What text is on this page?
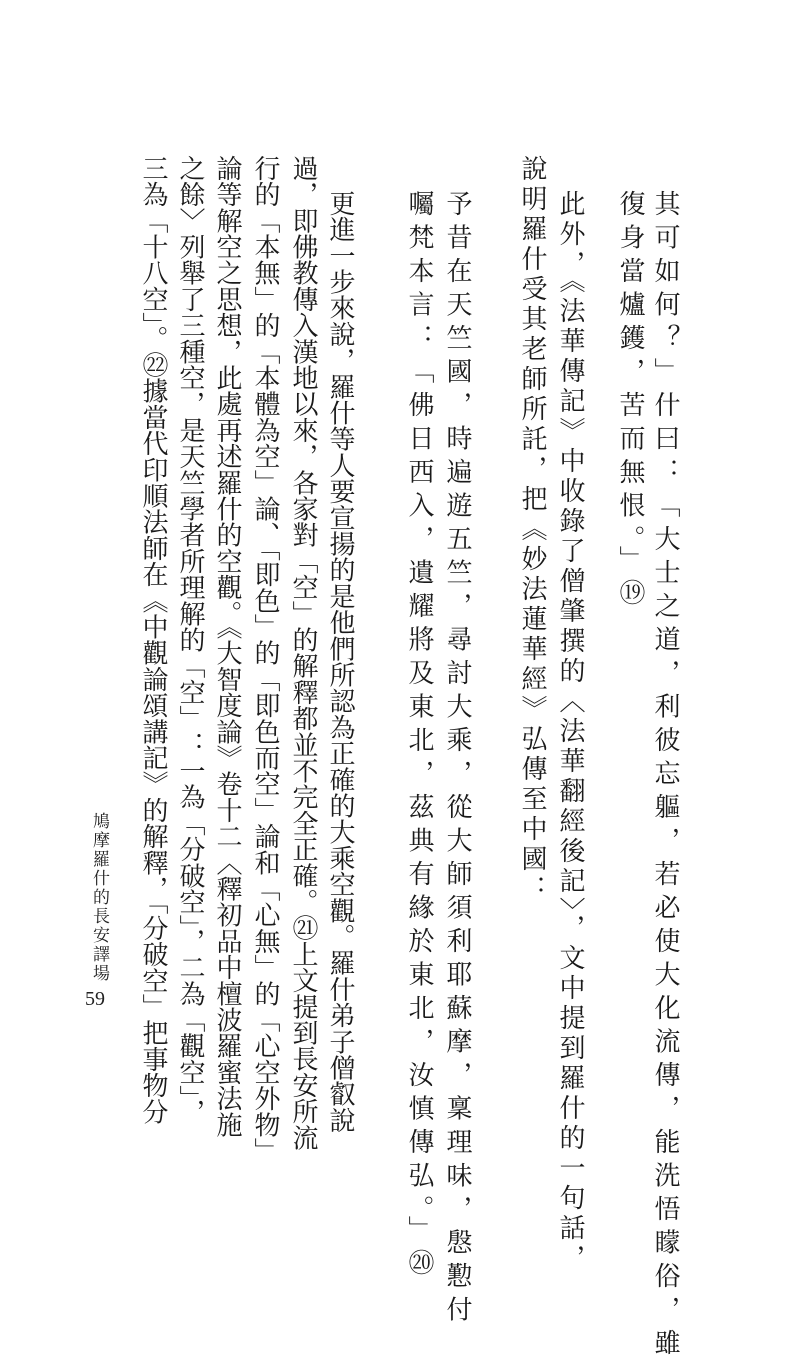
其可如何？」什曰：「大士之道，利彼忘軀，若必使大化流傳，能洗悟矇俗，雖

復身當爐鑊，苦而無恨。」⑲

此外，《法華傳記》中收錄了僧肇撰的〈法華翻經後記〉，文中提到羅什的一句話，

說明羅什受其老師所託，把《妙法蓮華經》弘傳至中國：

予昔在天竺國，時遍遊五竺，尋討大乘，從大師須利耶蘇摩，稟理味，慇懃付

囑梵本言：「佛日西入，遺耀將及東北，茲典有緣於東北，汝慎傳弘。」⑳

更進一步來說，羅什等人要宣揚的是他們所認為正確的大乘空觀。羅什弟子僧叡說

過，即佛教傳入漢地以來，各家對「空」的解釋都並不完全正確。㉑上文提到長安所流

行的「本無」的「本體為空」論、「即色」的「即色而空」論和「心無」的「心空外物」

論等解空之思想，此處再述羅什的空觀。《大智度論》卷十二〈釋初品中檀波羅蜜法施

之餘〉列舉了三種空，是天竺學者所理解的「空」：一為「分破空」，二為「觀空」，

三為「十八空」。㉒據當代印順法師在《中觀論頌講記》的解釋，「分破空」把事物分

鳩摩羅什的長安譯場

59
